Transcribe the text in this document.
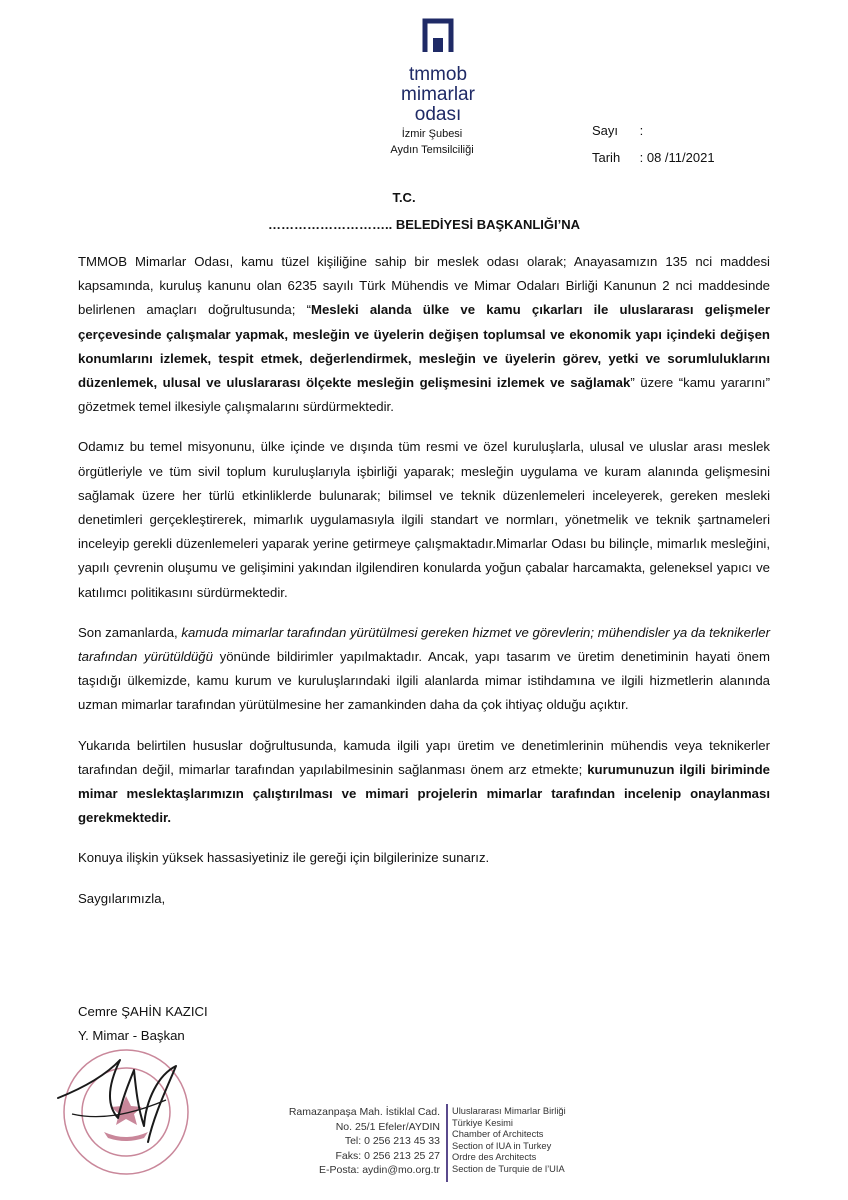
tmmob
mimarlar
odası
İzmir Şubesi
Aydın Temsilciliği
Sayı :
Tarih : 08 /11/2021
T.C.
……………………….. BELEDİYESİ BAŞKANLIĞI’NA

TMMOB Mimarlar Odası, kamu tüzel kişiliğine sahip bir meslek odası olarak; Anayasamızın 135 nci maddesi kapsamında, kuruluş kanunu olan 6235 sayılı Türk Mühendis ve Mimar Odaları Birliği Kanunun 2 nci maddesinde belirlenen amaçları doğrultusunda; “Mesleki alanda ülke ve kamu çıkarları ile uluslararası gelişmeler çerçevesinde çalışmalar yapmak, mesleğin ve üyelerin değişen toplumsal ve ekonomik yapı içindeki değişen konumlarını izlemek, tespit etmek, değerlendirmek, mesleğin ve üyelerin görev, yetki ve sorumluluklarını düzenlemek, ulusal ve uluslararası ölçekte mesleğin gelişmesini izlemek ve sağlamak” üzere “kamu yararını” gözetmek temel ilkesiyle çalışmalarını sürdürmektedir.

Odamız bu temel misyonunu, ülke içinde ve dışında tüm resmi ve özel kuruluşlarla, ulusal ve uluslar arası meslek örgütleriyle ve tüm sivil toplum kuruluşlarıyla işbirliği yaparak; mesleğin uygulama ve kuram alanında gelişmesini sağlamak üzere her türlü etkinliklerde bulunarak; bilimsel ve teknik düzenlemeleri inceleyerek, gereken mesleki denetimleri gerçekleştirerek, mimarlık uygulamasıyla ilgili standart ve normları, yönetmelik ve teknik şartnameleri inceleyip gerekli düzenlemeleri yaparak yerine getirmeye çalışmaktadır.Mimarlar Odası bu bilinçle, mimarlık mesleğini, yapılı çevrenin oluşumu ve gelişimini yakından ilgilendiren konularda yoğun çabalar harcamakta, geleneksel yapıcı ve katılımcı politikasını sürdürmektedir.

Son zamanlarda, kamuda mimarlar tarafından yürütülmesi gereken hizmet ve görevlerin; mühendisler ya da teknikerler tarafından yürütüldüğü yönünde bildirimler yapılmaktadır. Ancak, yapı tasarım ve üretim denetiminin hayati önem taşıdığı ülkemizde, kamu kurum ve kuruluşlarındaki ilgili alanlarda mimar istihdamına ve ilgili hizmetlerin alanında uzman mimarlar tarafından yürütülmesine her zamankinden daha da çok ihtiyaç olduğu açıktır.

Yukarıda belirtilen hususlar doğrultusunda, kamuda ilgili yapı üretim ve denetimlerinin mühendis veya teknikerler tarafından değil, mimarlar tarafından yapılabilmesinin sağlanması önem arz etmekte; kurumunuzun ilgili biriminde mimar meslektaşlarımızın çalıştırılması ve mimari projelerin mimarlar tarafından incelenip onaylanması gerekmektedir.

Konuya ilişkin yüksek hassasiyetiniz ile gereği için bilgilerinize sunarız.

Saygılarımızla,

Cemre ŞAHİN KAZICI
Y. Mimar - Başkan
Ramazanpaşa Mah. İstiklal Cad.
No. 25/1 Efeler/AYDIN
Tel: 0 256 213 45 33
Faks: 0 256 213 25 27
E-Posta: aydin@mo.org.tr
Uluslararası Mimarlar Birliği
Türkiye Kesimi
Chamber of Architects
Section of IUA in Turkey
Ordre des Architects
Section de Turquie de l’UIA
